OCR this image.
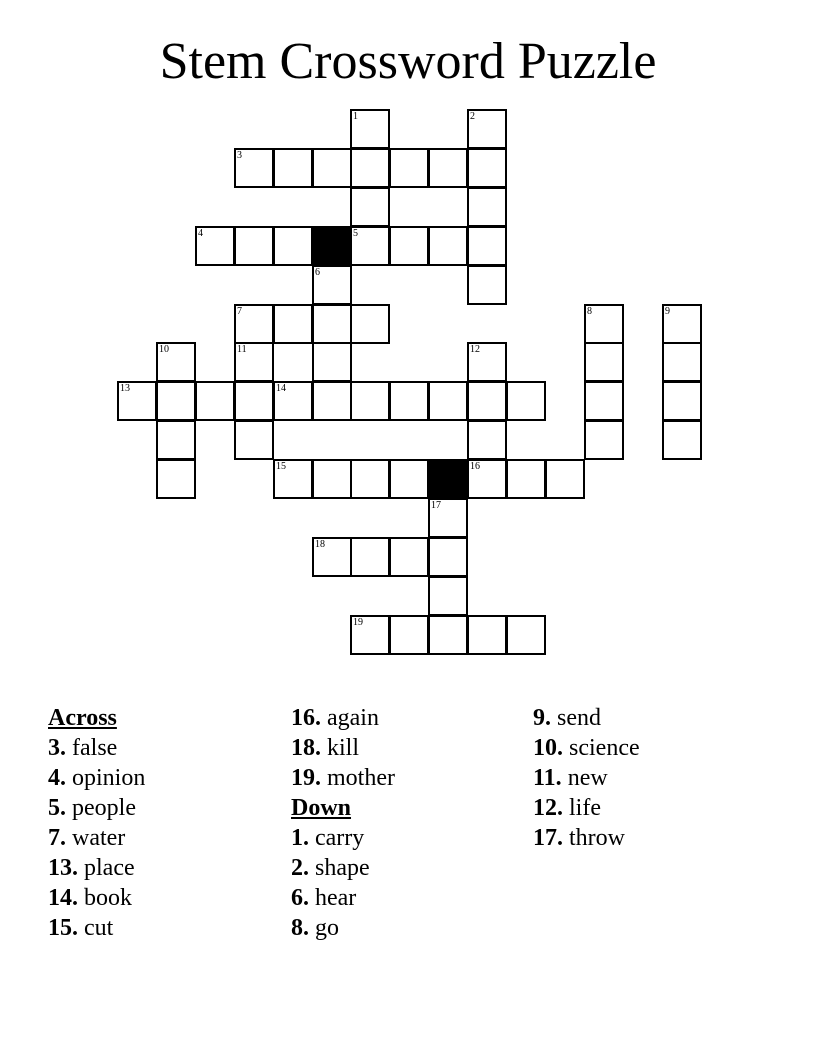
Stem Crossword Puzzle
1	2
3
4	5
6
7	8	9
10	11	12
13	14
15	16
17
18
19
Across
3. false
4. opinion
5. people
7. water
13. place
14. book
15. cut
16. again
18. kill
19. mother
Down
1. carry
2. shape
6. hear
8. go
9. send
10. science
11. new
12. life
17. throw
